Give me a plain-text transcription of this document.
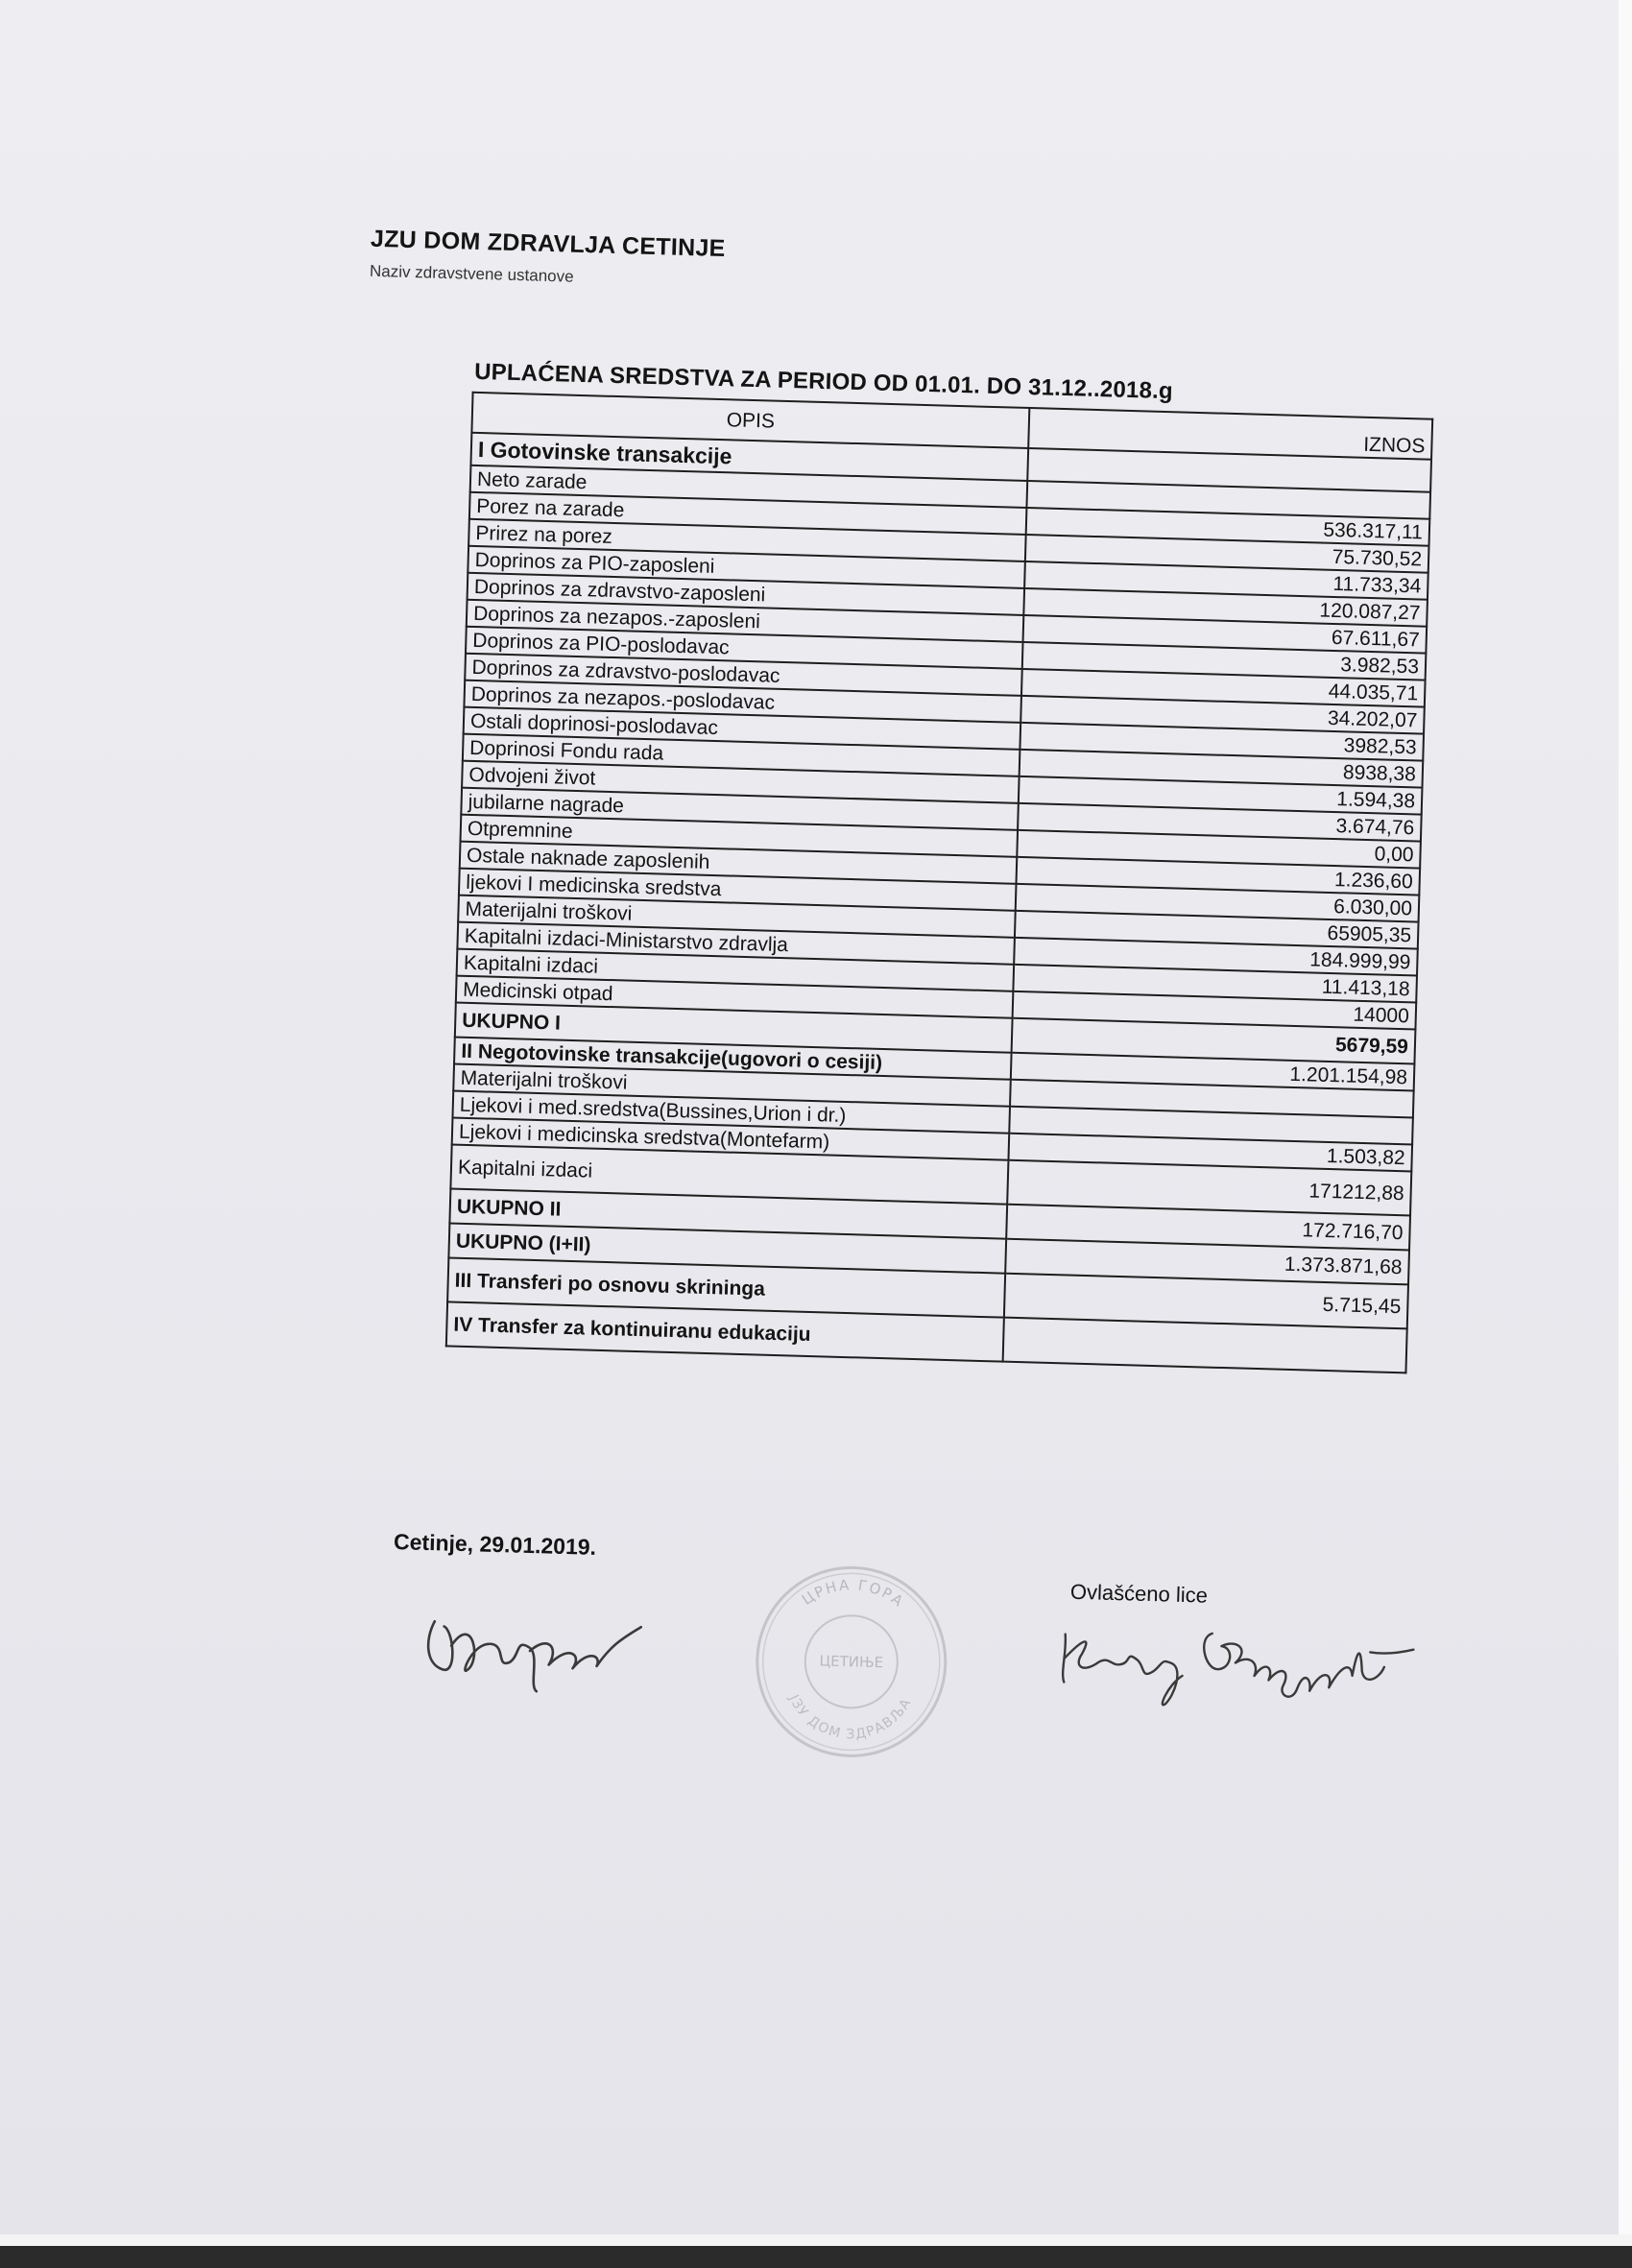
JZU DOM ZDRAVLJA CETINJE
Naziv zdravstvene ustanove
UPLAĆENA SREDSTVA ZA PERIOD OD 01.01. DO 31.12..2018.g
OPIS	IZNOS
I Gotovinske transakcije	
Neto zarade	
Porez na zarade	536.317,11
Prirez na porez	75.730,52
Doprinos za PIO-zaposleni	11.733,34
Doprinos za zdravstvo-zaposleni	120.087,27
Doprinos za nezapos.-zaposleni	67.611,67
Doprinos za PIO-poslodavac	3.982,53
Doprinos za zdravstvo-poslodavac	44.035,71
Doprinos za nezapos.-poslodavac	34.202,07
Ostali doprinosi-poslodavac	3982,53
Doprinosi Fondu rada	8938,38
Odvojeni život	1.594,38
jubilarne nagrade	3.674,76
Otpremnine	0,00
Ostale naknade zaposlenih	1.236,60
ljekovi I medicinska sredstva	6.030,00
Materijalni troškovi	65905,35
Kapitalni izdaci-Ministarstvo zdravlja	184.999,99
Kapitalni izdaci	11.413,18
Medicinski otpad	14000
UKUPNO I	5679,59
II Negotovinske transakcije(ugovori o cesiji)	1.201.154,98
Materijalni troškovi	
Ljekovi i med.sredstva(Bussines,Urion i dr.)	
Ljekovi i medicinska sredstva(Montefarm)	1.503,82
Kapitalni izdaci	171212,88
UKUPNO II	172.716,70
UKUPNO (I+II)	1.373.871,68
III Transferi po osnovu skrininga	5.715,45
IV Transfer za kontinuiranu edukaciju	
Cetinje, 29.01.2019.
Ovlašćeno lice
ЦРНА ГОРА
ЦЕТИЊЕ
ЈЗУ ДОМ ЗДРАВЉА
